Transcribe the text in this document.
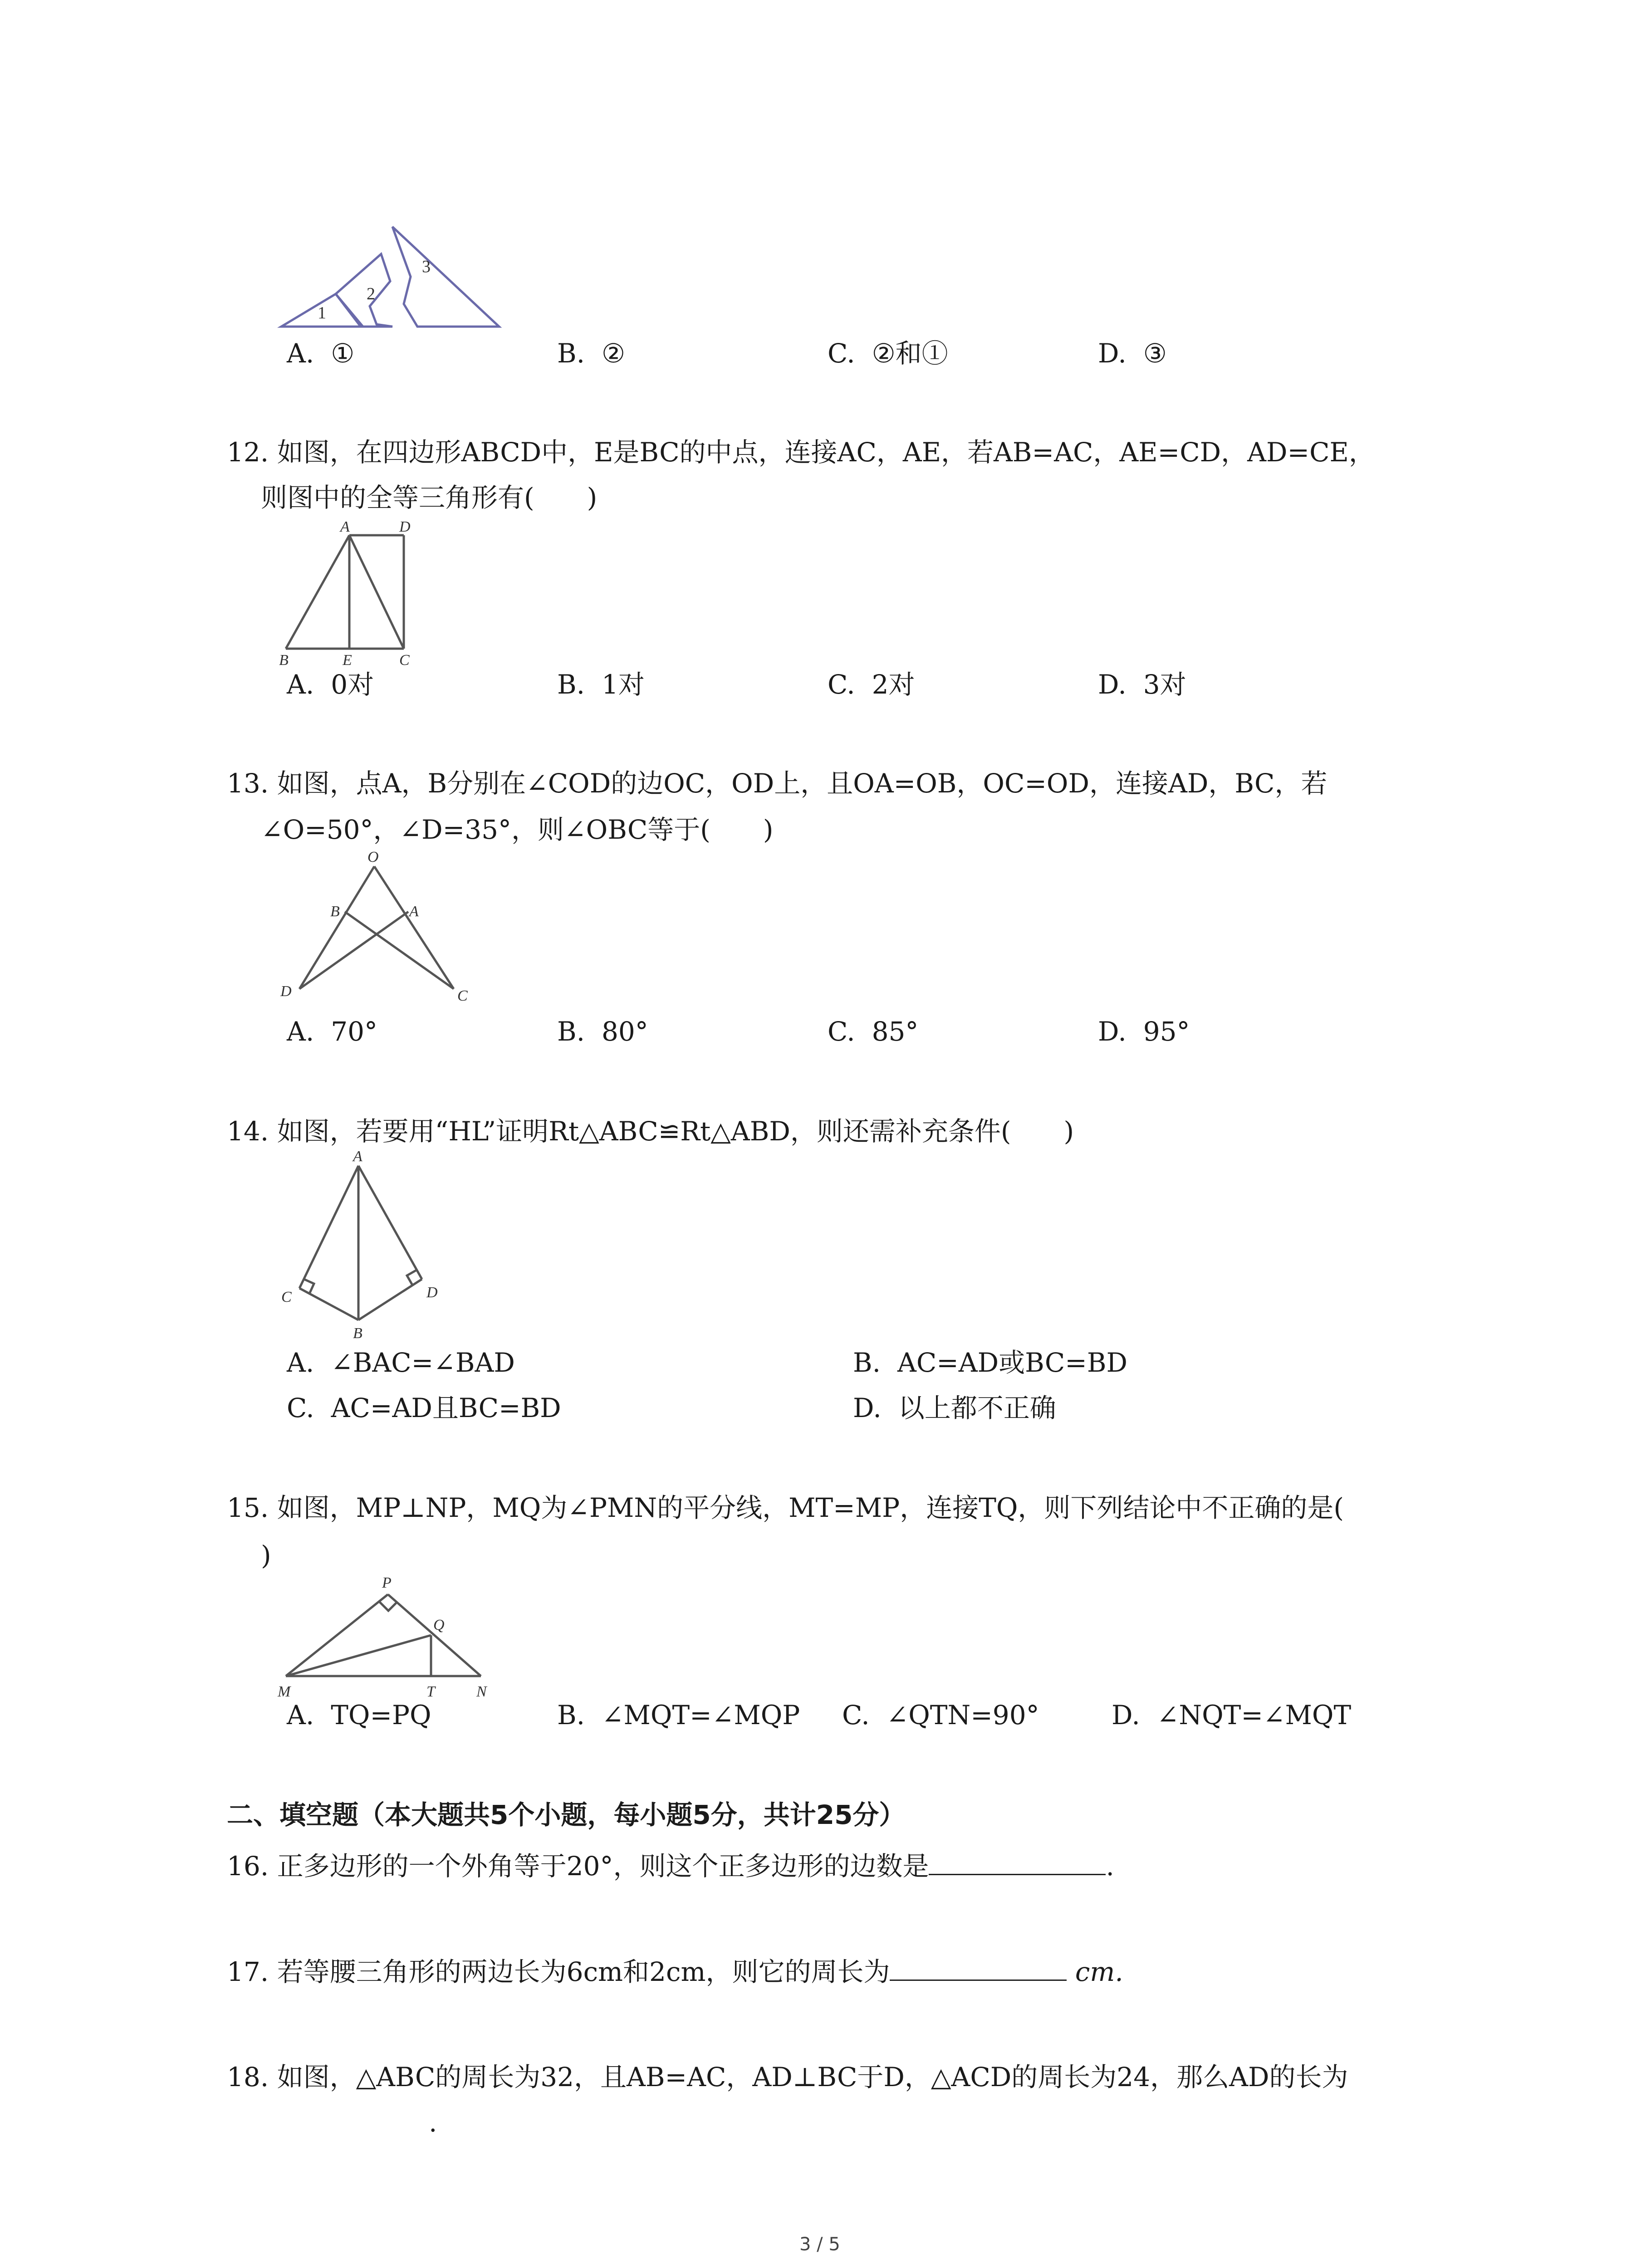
1
2
3
A. ①	B. ②	C. ②和①	D. ③
12. 如图，在四边形ABCD中，E是BC的中点，连接AC，AE，若AB=AC，AE=CD，AD=CE，
则图中的全等三角形有(　　)
A	D
B	E	C
A. 0对	B. 1对	C. 2对	D. 3对
13. 如图，点A，B分别在∠COD的边OC，OD上，且OA=OB，OC=OD，连接AD，BC，若
∠O=50°，∠D=35°，则∠OBC等于(　　)
O
B	A
D	C
A. 70°	B. 80°	C. 85°	D. 95°
14. 如图，若要用“HL”证明Rt△ABC≌Rt△ABD，则还需补充条件(　　)
A
C	D
B
A. ∠BAC=∠BAD	B. AC=AD或BC=BD
C. AC=AD且BC=BD	D. 以上都不正确
15. 如图，MP⊥NP，MQ为∠PMN的平分线，MT=MP，连接TQ，则下列结论中不正确的是(
)
P
Q
M	T	N
A. TQ=PQ	B. ∠MQT=∠MQP C. ∠QTN=90°	D. ∠NQT=∠MQT
二、填空题（本大题共5个小题，每小题5分，共计25分）
16. 正多边形的一个外角等于20°，则这个正多边形的边数是	.
17. 若等腰三角形的两边长为6cm和2cm，则它的周长为	cm.
18. 如图，△ABC的周长为32，且AB=AC，AD⊥BC于D，△ACD的周长为24，那么AD的长为
.
3 / 5
